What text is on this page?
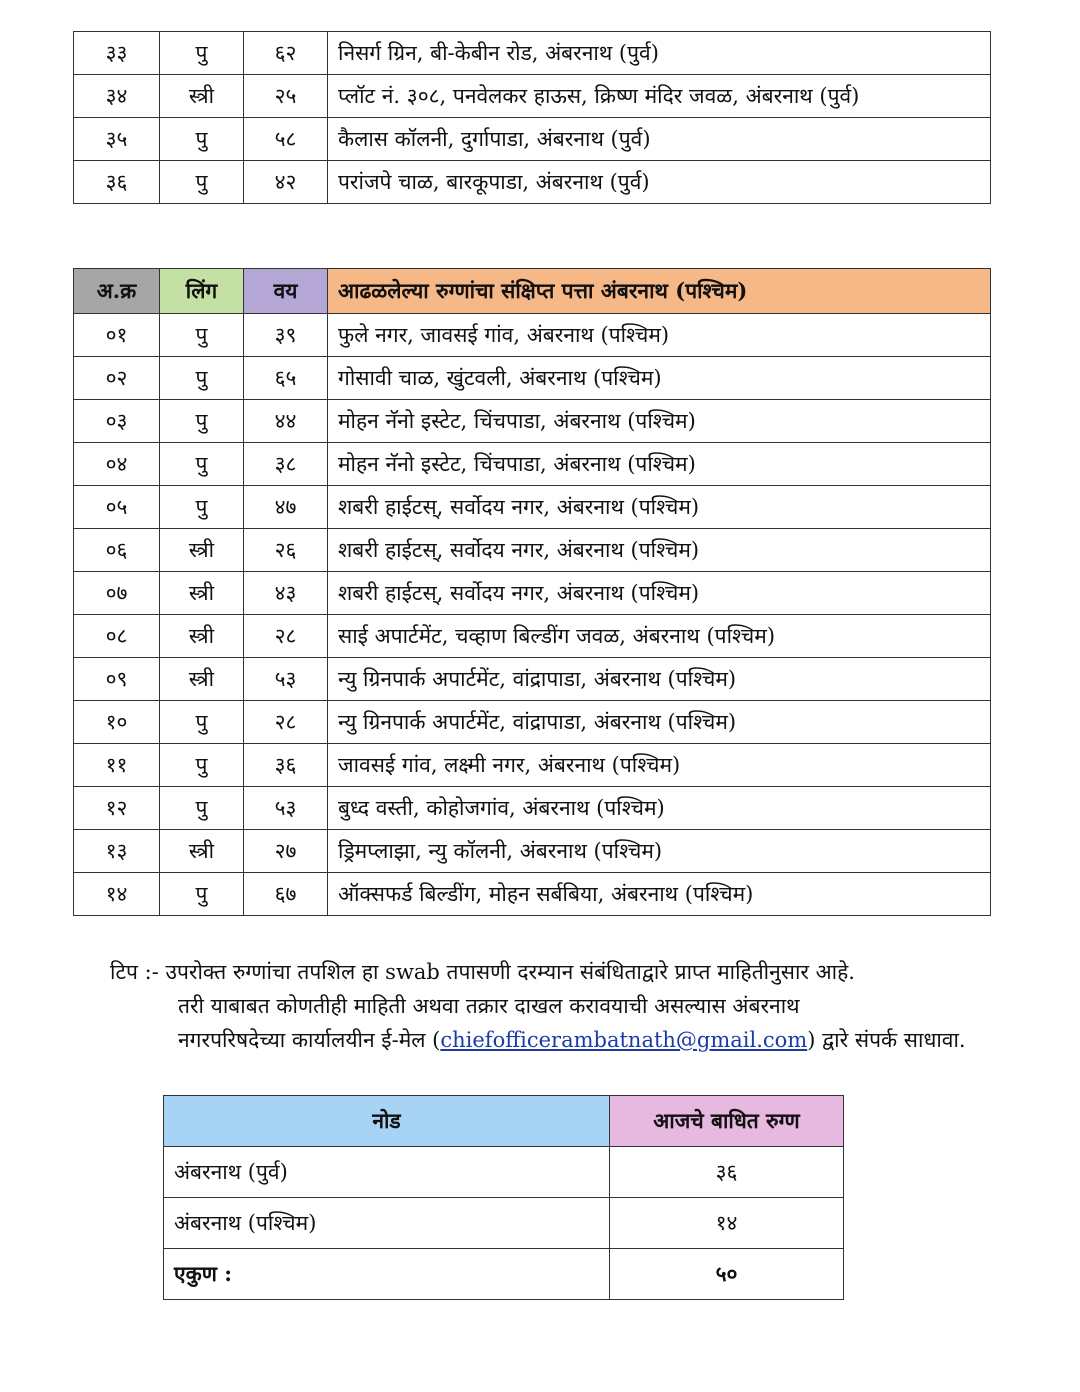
३३	पु	६२	निसर्ग ग्रिन, बी-केबीन रोड, अंबरनाथ (पुर्व)
३४	स्त्री	२५	प्लॉट नं. ३०८, पनवेलकर हाऊस, क्रिष्ण मंदिर जवळ, अंबरनाथ (पुर्व)
३५	पु	५८	कैलास कॉलनी, दुर्गापाडा, अंबरनाथ (पुर्व)
३६	पु	४२	परांजपे चाळ, बारकूपाडा, अंबरनाथ (पुर्व)
अ.क्र	लिंग	वय	आढळलेल्या रुग्णांचा संक्षिप्त पत्ता अंबरनाथ (पश्चिम)
०१	पु	३९	फुले नगर, जावसई गांव, अंबरनाथ (पश्चिम)
०२	पु	६५	गोसावी चाळ, खुंटवली, अंबरनाथ (पश्चिम)
०३	पु	४४	मोहन नॅनो इस्टेट, चिंचपाडा, अंबरनाथ (पश्चिम)
०४	पु	३८	मोहन नॅनो इस्टेट, चिंचपाडा, अंबरनाथ (पश्चिम)
०५	पु	४७	शबरी हाईटस्, सर्वोदय नगर, अंबरनाथ (पश्चिम)
०६	स्त्री	२६	शबरी हाईटस्, सर्वोदय नगर, अंबरनाथ (पश्चिम)
०७	स्त्री	४३	शबरी हाईटस्, सर्वोदय नगर, अंबरनाथ (पश्चिम)
०८	स्त्री	२८	साई अपार्टमेंट, चव्हाण बिल्डींग जवळ, अंबरनाथ (पश्चिम)
०९	स्त्री	५३	न्यु ग्रिनपार्क अपार्टमेंट, वांद्रापाडा, अंबरनाथ (पश्चिम)
१०	पु	२८	न्यु ग्रिनपार्क अपार्टमेंट, वांद्रापाडा, अंबरनाथ (पश्चिम)
११	पु	३६	जावसई गांव, लक्ष्मी नगर, अंबरनाथ (पश्चिम)
१२	पु	५३	बुध्द वस्ती, कोहोजगांव, अंबरनाथ (पश्चिम)
१३	स्त्री	२७	ड्रिमप्लाझा, न्यु कॉलनी, अंबरनाथ (पश्चिम)
१४	पु	६७	ऑक्सफर्ड बिल्डींग, मोहन सर्बबिया, अंबरनाथ (पश्चिम)
टिप :- उपरोक्त रुग्णांचा तपशिल हा swab तपासणी दरम्यान संबंधिताद्वारे प्राप्त माहितीनुसार आहे.
तरी याबाबत कोणतीही माहिती अथवा तक्रार दाखल करावयाची असल्यास अंबरनाथ
नगरपरिषदेच्या कार्यालयीन ई-मेल (chiefofficerambatnath@gmail.com) द्वारे संपर्क साधावा.
नोड	आजचे बाधित रुग्ण
अंबरनाथ (पुर्व)	३६
अंबरनाथ (पश्चिम)	१४
एकुण :	५०
